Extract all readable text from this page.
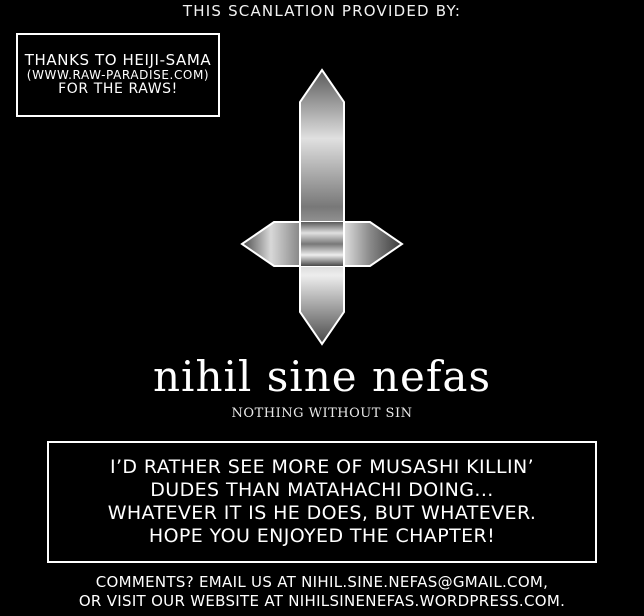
THIS SCANLATION PROVIDED BY:
THANKS TO HEIJI-SAMA
(WWW.RAW-PARADISE.COM)
FOR THE RAWS!
nihil sine nefas
NOTHING WITHOUT SIN
I’D RATHER SEE MORE OF MUSASHI KILLIN’
DUDES THAN MATAHACHI DOING...
WHATEVER IT IS HE DOES, BUT WHATEVER.
HOPE YOU ENJOYED THE CHAPTER!
COMMENTS? EMAIL US AT NIHIL.SINE.NEFAS@GMAIL.COM,
OR VISIT OUR WEBSITE AT NIHILSINENEFAS.WORDPRESS.COM.
